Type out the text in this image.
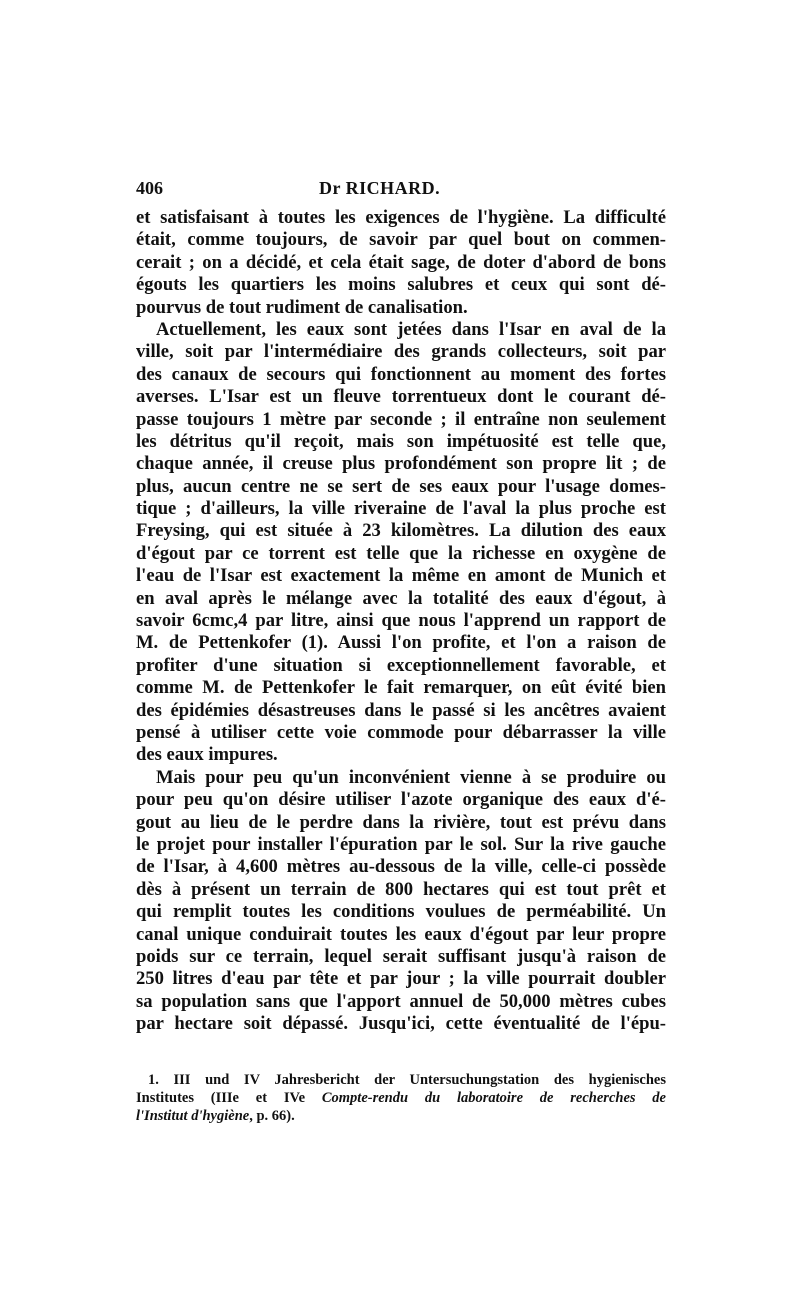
406	Dr RICHARD.
et satisfaisant à toutes les exigences de l'hygiène. La difficulté
était, comme toujours, de savoir par quel bout on commen-
cerait ; on a décidé, et cela était sage, de doter d'abord de bons
égouts les quartiers les moins salubres et ceux qui sont dé-
pourvus de tout rudiment de canalisation.
Actuellement, les eaux sont jetées dans l'Isar en aval de la
ville, soit par l'intermédiaire des grands collecteurs, soit par
des canaux de secours qui fonctionnent au moment des fortes
averses. L'Isar est un fleuve torrentueux dont le courant dé-
passe toujours 1 mètre par seconde ; il entraîne non seulement
les détritus qu'il reçoit, mais son impétuosité est telle que,
chaque année, il creuse plus profondément son propre lit ; de
plus, aucun centre ne se sert de ses eaux pour l'usage domes-
tique ; d'ailleurs, la ville riveraine de l'aval la plus proche est
Freysing, qui est située à 23 kilomètres. La dilution des eaux
d'égout par ce torrent est telle que la richesse en oxygène de
l'eau de l'Isar est exactement la même en amont de Munich et
en aval après le mélange avec la totalité des eaux d'égout, à
savoir 6cmc,4 par litre, ainsi que nous l'apprend un rapport de
M. de Pettenkofer (1). Aussi l'on profite, et l'on a raison de
profiter d'une situation si exceptionnellement favorable, et
comme M. de Pettenkofer le fait remarquer, on eût évité bien
des épidémies désastreuses dans le passé si les ancêtres avaient
pensé à utiliser cette voie commode pour débarrasser la ville
des eaux impures.
Mais pour peu qu'un inconvénient vienne à se produire ou
pour peu qu'on désire utiliser l'azote organique des eaux d'é-
gout au lieu de le perdre dans la rivière, tout est prévu dans
le projet pour installer l'épuration par le sol. Sur la rive gauche
de l'Isar, à 4,600 mètres au-dessous de la ville, celle-ci possède
dès à présent un terrain de 800 hectares qui est tout prêt et
qui remplit toutes les conditions voulues de perméabilité. Un
canal unique conduirait toutes les eaux d'égout par leur propre
poids sur ce terrain, lequel serait suffisant jusqu'à raison de
250 litres d'eau par tête et par jour ; la ville pourrait doubler
sa population sans que l'apport annuel de 50,000 mètres cubes
par hectare soit dépassé. Jusqu'ici, cette éventualité de l'épu-
1. III und IV Jahresbericht der Untersuchungstation des hygienisches
Institutes (IIIe et IVe Compte-rendu du laboratoire de recherches de
l'Institut d'hygiène, p. 66).
